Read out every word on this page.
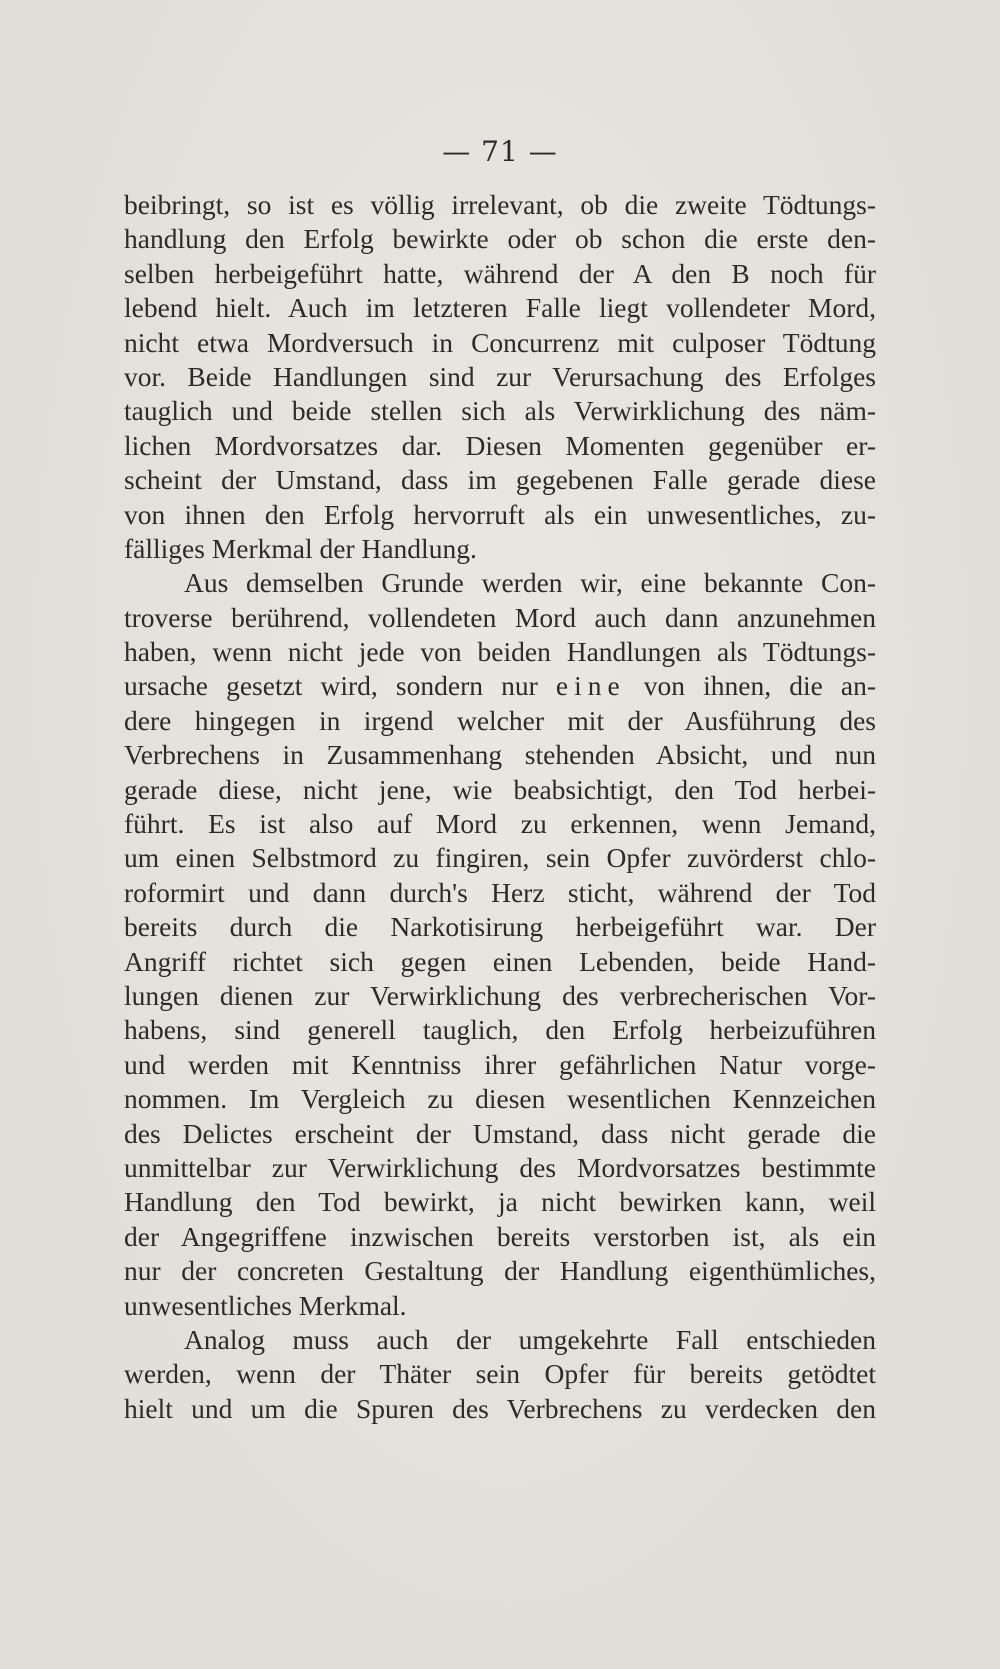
— 71 —
beibringt, so ist es völlig irrelevant, ob die zweite Tödtungs-
handlung den Erfolg bewirkte oder ob schon die erste den-
selben herbeigeführt hatte, während der A den B noch für
lebend hielt. Auch im letzteren Falle liegt vollendeter Mord,
nicht etwa Mordversuch in Concurrenz mit culposer Tödtung
vor. Beide Handlungen sind zur Verursachung des Erfolges
tauglich und beide stellen sich als Verwirklichung des näm-
lichen Mordvorsatzes dar. Diesen Momenten gegenüber er-
scheint der Umstand, dass im gegebenen Falle gerade diese
von ihnen den Erfolg hervorruft als ein unwesentliches, zu-
fälliges Merkmal der Handlung.
Aus demselben Grunde werden wir, eine bekannte Con-
troverse berührend, vollendeten Mord auch dann anzunehmen
haben, wenn nicht jede von beiden Handlungen als Tödtungs-
ursache gesetzt wird, sondern nur eine von ihnen, die an-
dere hingegen in irgend welcher mit der Ausführung des
Verbrechens in Zusammenhang stehenden Absicht, und nun
gerade diese, nicht jene, wie beabsichtigt, den Tod herbei-
führt. Es ist also auf Mord zu erkennen, wenn Jemand,
um einen Selbstmord zu fingiren, sein Opfer zuvörderst chlo-
roformirt und dann durch's Herz sticht, während der Tod
bereits durch die Narkotisirung herbeigeführt war. Der
Angriff richtet sich gegen einen Lebenden, beide Hand-
lungen dienen zur Verwirklichung des verbrecherischen Vor-
habens, sind generell tauglich, den Erfolg herbeizuführen
und werden mit Kenntniss ihrer gefährlichen Natur vorge-
nommen. Im Vergleich zu diesen wesentlichen Kennzeichen
des Delictes erscheint der Umstand, dass nicht gerade die
unmittelbar zur Verwirklichung des Mordvorsatzes bestimmte
Handlung den Tod bewirkt, ja nicht bewirken kann, weil
der Angegriffene inzwischen bereits verstorben ist, als ein
nur der concreten Gestaltung der Handlung eigenthümliches,
unwesentliches Merkmal.
Analog muss auch der umgekehrte Fall entschieden
werden, wenn der Thäter sein Opfer für bereits getödtet
hielt und um die Spuren des Verbrechens zu verdecken den
